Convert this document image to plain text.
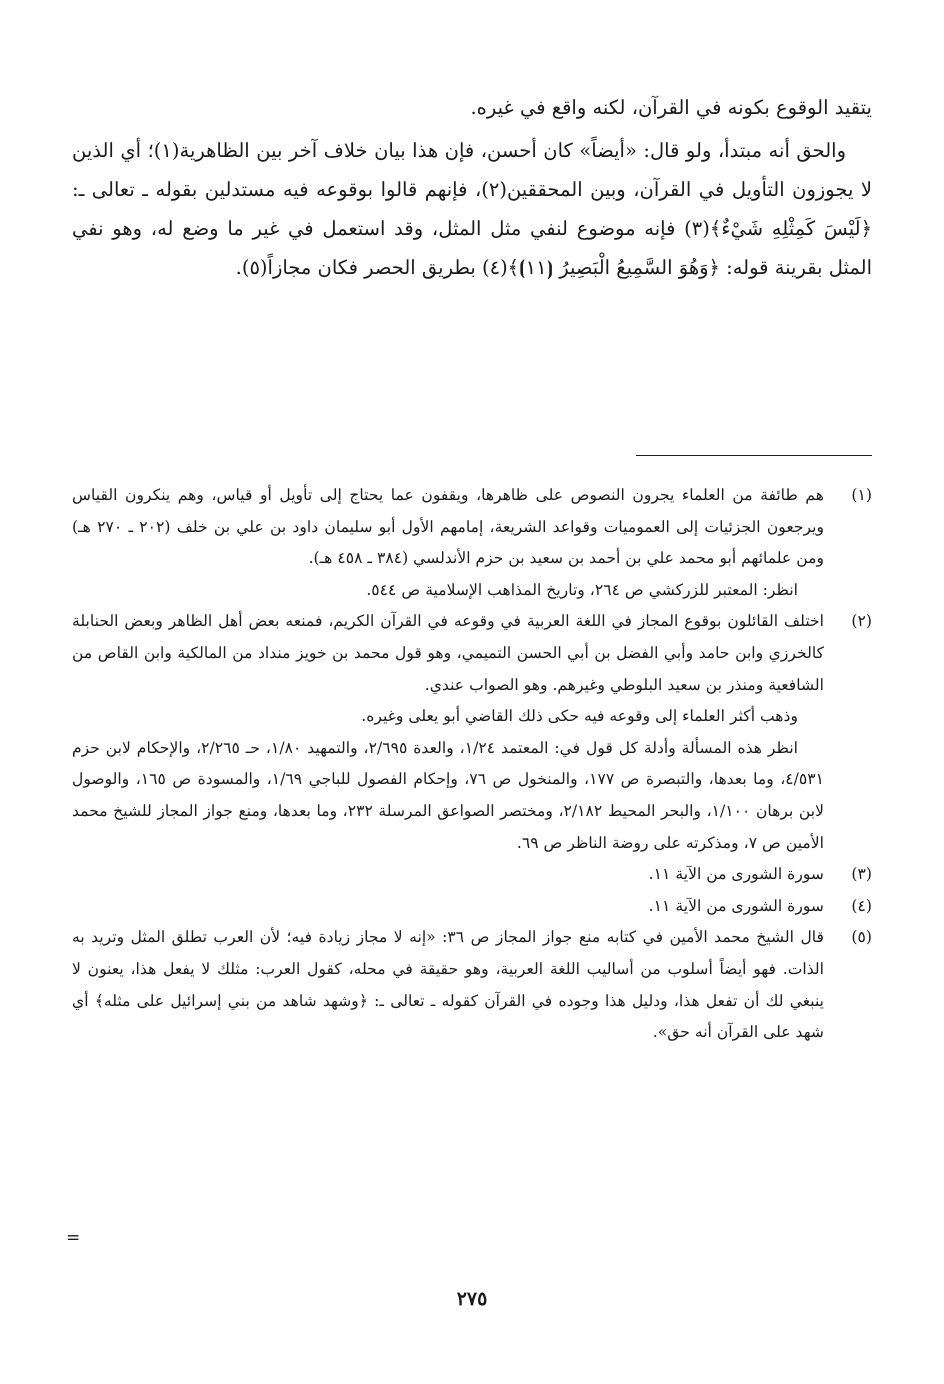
يتقيد الوقوع بكونه في القرآن، لكنه واقع في غيره.

والحق أنه مبتدأ، ولو قال: «أيضاً» كان أحسن، فإن هذا بيان خلاف آخر بين الظاهرية(١)؛ أي الذين لا يجوزون التأويل في القرآن، وبين المحققين(٢)، فإنهم قالوا بوقوعه فيه مستدلين بقوله ـ تعالى ـ: ﴿لَيْسَ كَمِثْلِهِ شَيْءٌ﴾(٣) فإنه موضوع لنفي مثل المثل، وقد استعمل في غير ما وضع له، وهو نفي المثل بقرينة قوله: ﴿وَهُوَ السَّمِيعُ الْبَصِيرُ ⦗١١⦘﴾(٤) بطريق الحصر فكان مجازاً(٥).

(١)

هم طائفة من العلماء يجرون النصوص على ظاهرها، ويقفون عما يحتاج إلى تأويل أو قياس، وهم ينكرون القياس ويرجعون الجزئيات إلى العموميات وقواعد الشريعة، إمامهم الأول أبو سليمان داود بن علي بن خلف (٢٠٢ ـ ٢٧٠ هـ) ومن علمائهم أبو محمد علي بن أحمد بن سعيد بن حزم الأندلسي (٣٨٤ ـ ٤٥٨ هـ).

انظر: المعتبر للزركشي ص ٢٦٤، وتاريخ المذاهب الإسلامية ص ٥٤٤.

(٢)

اختلف القائلون بوقوع المجاز في اللغة العربية في وقوعه في القرآن الكريم، فمنعه بعض أهل الظاهر وبعض الحنابلة كالخرزي وابن حامد وأبي الفضل بن أبي الحسن التميمي، وهو قول محمد بن خويز منداد من المالكية وابن القاص من الشافعية ومنذر بن سعيد البلوطي وغيرهم. وهو الصواب عندي.

وذهب أكثر العلماء إلى وقوعه فيه حكى ذلك القاضي أبو يعلى وغيره.

انظر هذه المسألة وأدلة كل قول في: المعتمد ١/٢٤، والعدة ٢/٦٩٥، والتمهيد ١/٨٠، حـ ٢/٢٦٥، والإحكام لابن حزم ٤/٥٣١، وما بعدها، والتبصرة ص ١٧٧، والمنخول ص ٧٦، وإحكام الفصول للباجي ١/٦٩، والمسودة ص ١٦٥، والوصول لابن برهان ١/١٠٠، والبحر المحيط ٢/١٨٢، ومختصر الصواعق المرسلة ٢٣٢، وما بعدها، ومنع جواز المجاز للشيخ محمد الأمين ص ٧، ومذكرته على روضة الناظر ص ٦٩.

(٣)

سورة الشورى من الآية ١١.

(٤)

سورة الشورى من الآية ١١.

(٥)

قال الشيخ محمد الأمين في كتابه منع جواز المجاز ص ٣٦: «إنه لا مجاز زيادة فيه؛ لأن العرب تطلق المثل وتريد به الذات. فهو أيضاً أسلوب من أساليب اللغة العربية، وهو حقيقة في محله، كقول العرب: مثلك لا يفعل هذا، يعنون لا ينبغي لك أن تفعل هذا، ودليل هذا وجوده في القرآن كقوله ـ تعالى ـ: ﴿وشهد شاهد من بني إسرائيل على مثله﴾ أي شهد على القرآن أنه حق».

=
٢٧٥
